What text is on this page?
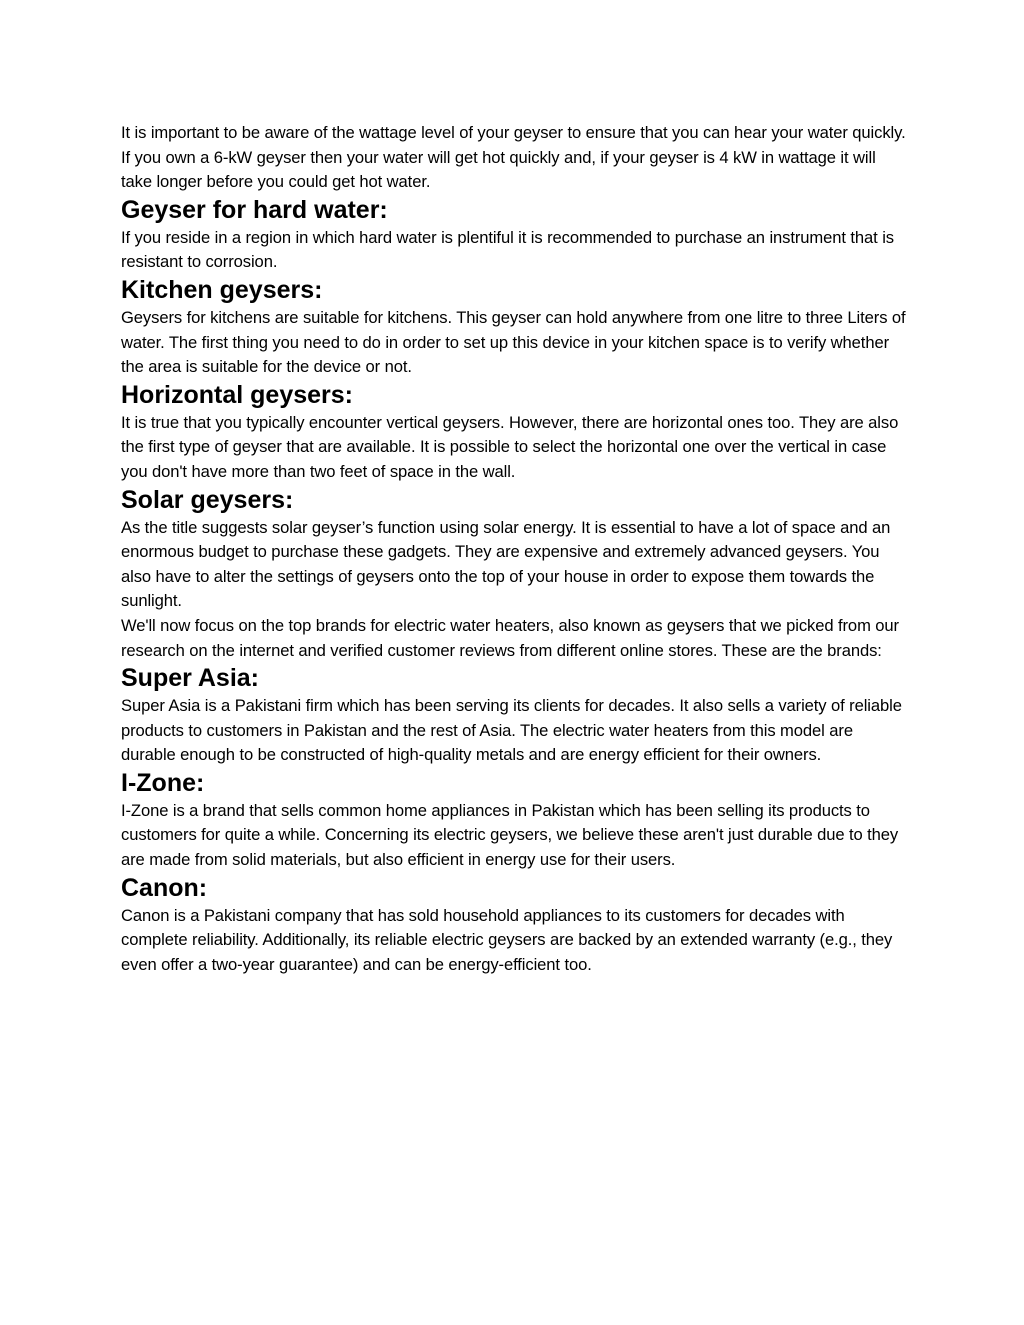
It is important to be aware of the wattage level of your geyser to ensure that you can hear your water quickly. If you own a 6-kW geyser then your water will get hot quickly and, if your geyser is 4 kW in wattage it will take longer before you could get hot water.

Geyser for hard water:

If you reside in a region in which hard water is plentiful it is recommended to purchase an instrument that is resistant to corrosion.

Kitchen geysers:

Geysers for kitchens are suitable for kitchens. This geyser can hold anywhere from one litre to three Liters of water. The first thing you need to do in order to set up this device in your kitchen space is to verify whether the area is suitable for the device or not.

Horizontal geysers:

It is true that you typically encounter vertical geysers. However, there are horizontal ones too. They are also the first type of geyser that are available. It is possible to select the horizontal one over the vertical in case you don't have more than two feet of space in the wall.

Solar geysers:

As the title suggests solar geyser’s function using solar energy. It is essential to have a lot of space and an enormous budget to purchase these gadgets. They are expensive and extremely advanced geysers. You also have to alter the settings of geysers onto the top of your house in order to expose them towards the sunlight.

We'll now focus on the top brands for electric water heaters, also known as geysers that we picked from our research on the internet and verified customer reviews from different online stores. These are the brands:

Super Asia:

Super Asia is a Pakistani firm which has been serving its clients for decades. It also sells a variety of reliable products to customers in Pakistan and the rest of Asia. The electric water heaters from this model are durable enough to be constructed of high-quality metals and are energy efficient for their owners.

I-Zone:

I-Zone is a brand that sells common home appliances in Pakistan which has been selling its products to customers for quite a while. Concerning its electric geysers, we believe these aren't just durable due to they are made from solid materials, but also efficient in energy use for their users.

Canon:

Canon is a Pakistani company that has sold household appliances to its customers for decades with complete reliability. Additionally, its reliable electric geysers are backed by an extended warranty (e.g., they even offer a two-year guarantee) and can be energy-efficient too.
